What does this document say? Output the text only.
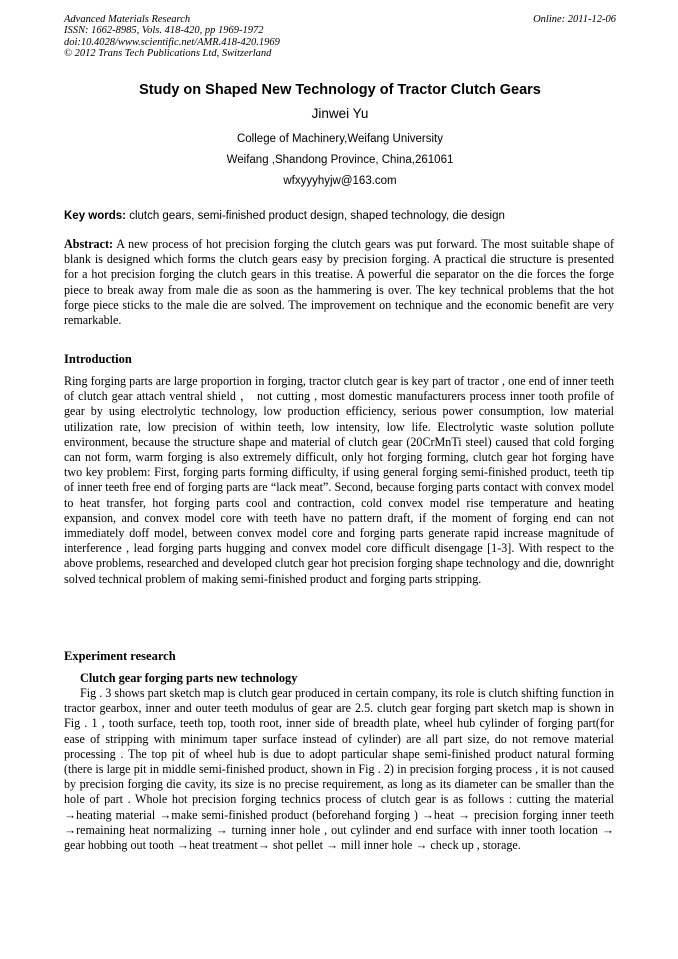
Advanced Materials Research	Online: 2011-12-06
ISSN: 1662-8985, Vols. 418-420, pp 1969-1972
doi:10.4028/www.scientific.net/AMR.418-420.1969
© 2012 Trans Tech Publications Ltd, Switzerland
Study on Shaped New Technology of Tractor Clutch Gears
Jinwei Yu
College of Machinery,Weifang University
Weifang ,Shandong Province, China,261061
wfxyyyhyjw@163.com
Key words: clutch gears, semi-finished product design, shaped technology, die design
Abstract: A new process of hot precision forging the clutch gears was put forward. The most suitable shape of blank is designed which forms the clutch gears easy by precision forging. A practical die structure is presented for a hot precision forging the clutch gears in this treatise. A powerful die separator on the die forces the forge piece to break away from male die as soon as the hammering is over. The key technical problems that the hot forge piece sticks to the male die are solved. The improvement on technique and the economic benefit are very remarkable.
Introduction
Ring forging parts are large proportion in forging, tractor clutch gear is key part of tractor , one end of inner teeth of clutch gear attach ventral shield ， not cutting , most domestic manufacturers process inner tooth profile of gear by using electrolytic technology, low production efficiency, serious power consumption, low material utilization rate, low precision of within teeth, low intensity, low life. Electrolytic waste solution pollute environment, because the structure shape and material of clutch gear (20CrMnTi steel) caused that cold forging can not form, warm forging is also extremely difficult, only hot forging forming, clutch gear hot forging have two key problem: First, forging parts forming difficulty, if using general forging semi-finished product, teeth tip of inner teeth free end of forging parts are “lack meat”. Second, because forging parts contact with convex model to heat transfer, hot forging parts cool and contraction, cold convex model rise temperature and heating expansion, and convex model core with teeth have no pattern draft, if the moment of forging end can not immediately doff model, between convex model core and forging parts generate rapid increase magnitude of interference , lead forging parts hugging and convex model core difficult disengage [1-3]. With respect to the above problems, researched and developed clutch gear hot precision forging shape technology and die, downright solved technical problem of making semi-finished product and forging parts stripping.
Experiment research
Clutch gear forging parts new technology
Fig . 3 shows part sketch map is clutch gear produced in certain company, its role is clutch shifting function in tractor gearbox, inner and outer teeth modulus of gear are 2.5. clutch gear forging part sketch map is shown in Fig . 1 , tooth surface, teeth top, tooth root, inner side of breadth plate, wheel hub cylinder of forging part(for ease of stripping with minimum taper surface instead of cylinder) are all part size, do not remove material processing . The top pit of wheel hub is due to adopt particular shape semi-finished product natural forming (there is large pit in middle semi-finished product, shown in Fig . 2) in precision forging process , it is not caused by precision forging die cavity, its size is no precise requirement, as long as its diameter can be smaller than the hole of part . Whole hot precision forging technics process of clutch gear is as follows : cutting the material →heating material →make semi-finished product (beforehand forging ) →heat → precision forging inner teeth →remaining heat normalizing → turning inner hole , out cylinder and end surface with inner tooth location → gear hobbing out tooth →heat treatment→ shot pellet → mill inner hole → check up , storage.
